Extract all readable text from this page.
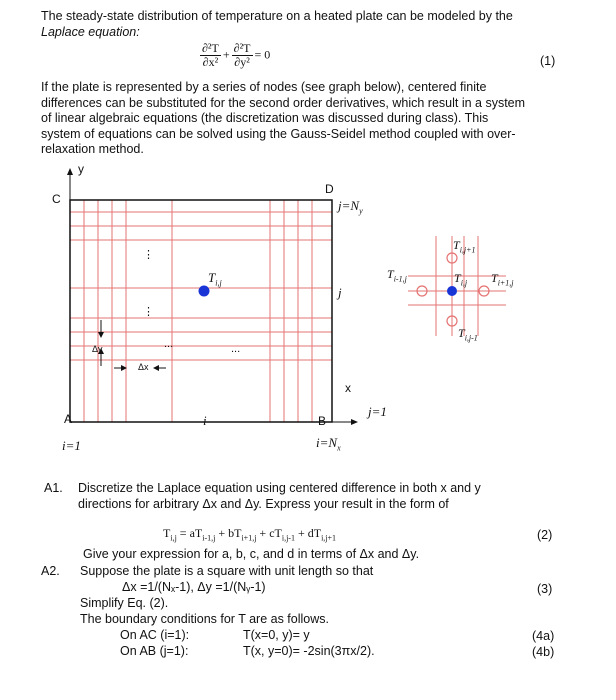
The steady-state distribution of temperature on a heated plate can be modeled by the
Laplace equation:
$\frac{\text{∂²T}}{\text{∂x²}} + \frac{\text{∂²T}}{\text{∂y²}} = 0$	(1)
If the plate is represented by a series of nodes (see graph below), centered finite
differences can be substituted for the second order derivatives, which result in a system
of linear algebraic equations (the discretization was discussed during class). This
system of equations can be solved using the Gauss-Seidel method coupled with over-
relaxation method.
y
x
C
D
A	B
$j=N_y$
j
i
j=1
i=1	$i=N_x$
$T_{i,j}$
Δy
Δx
⋮
⋮
...	...
$T_{i,j+1}$
$T_{i-1,j}$	$T_{i,j}$ $T_{i+1,j}$
$T_{i,j-1}$
A1. Discretize the Laplace equation using centered difference in both x and y
directions for arbitrary Δx and Δy. Express your result in the form of
$T_{i,j} = aT_{i-1,j} + bT_{i+1,j} + cT_{i,j-1} + dT_{i,j+1}$	(2)
Give your expression for a, b, c, and d in terms of Δx and Δy.
A2. Suppose the plate is a square with unit length so that
Δx =1/(Nₓ-1), Δy =1/(Nᵧ-1)	(3)
Simplify Eq. (2).
The boundary conditions for T are as follows.
On AC (i=1):	T(x=0, y)= y	(4a)
On AB (j=1):	T(x, y=0)= -2sin(3πx/2).	(4b)
